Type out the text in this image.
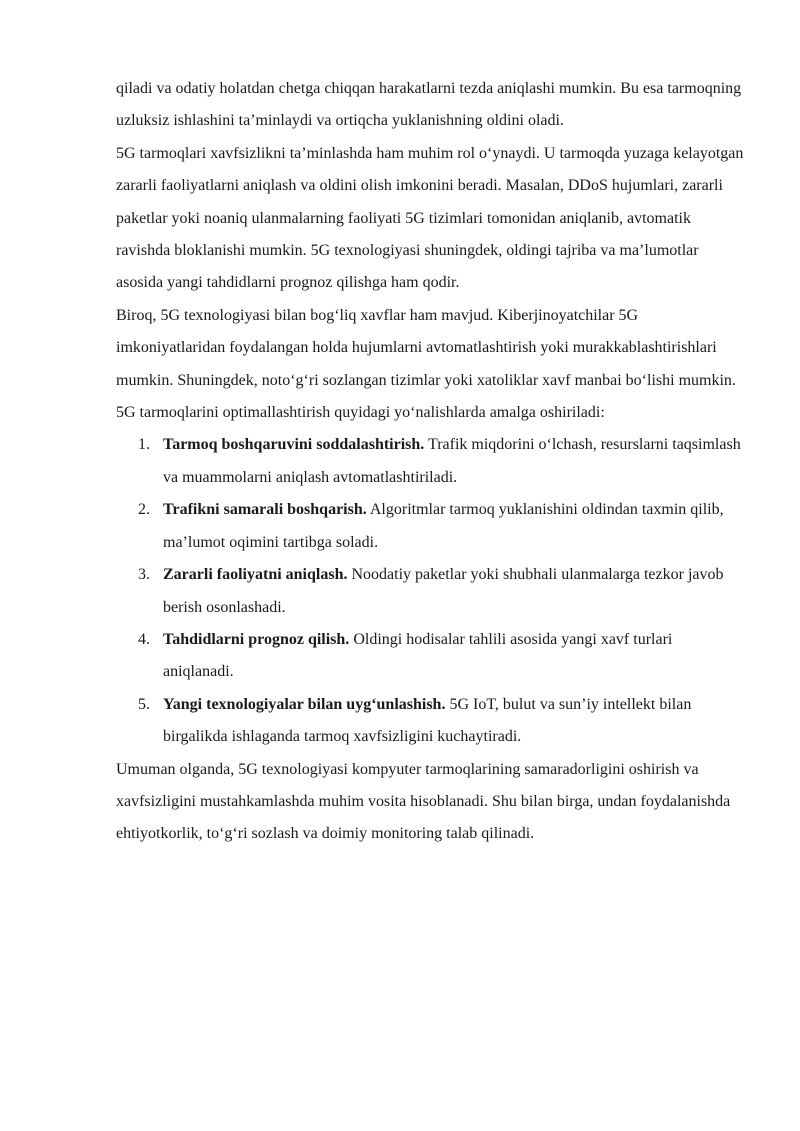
qiladi va odatiy holatdan chetga chiqqan harakatlarni tezda aniqlashi mumkin. Bu esa tarmoqning uzluksiz ishlashini ta’minlaydi va ortiqcha yuklanishning oldini oladi.

5G tarmoqlari xavfsizlikni ta’minlashda ham muhim rol o‘ynaydi. U tarmoqda yuzaga kelayotgan zararli faoliyatlarni aniqlash va oldini olish imkonini beradi. Masalan, DDoS hujumlari, zararli paketlar yoki noaniq ulanmalarning faoliyati 5G tizimlari tomonidan aniqlanib, avtomatik ravishda bloklanishi mumkin. 5G texnologiyasi shuningdek, oldingi tajriba va ma’lumotlar asosida yangi tahdidlarni prognoz qilishga ham qodir.

Biroq, 5G texnologiyasi bilan bog‘liq xavflar ham mavjud. Kiberjinoyatchilar 5G imkoniyatlaridan foydalangan holda hujumlarni avtomatlashtirish yoki murakkablashtirishlari mumkin. Shuningdek, noto‘g‘ri sozlangan tizimlar yoki xatoliklar xavf manbai bo‘lishi mumkin.

5G tarmoqlarini optimallashtirish quyidagi yo‘nalishlarda amalga oshiriladi:

1. Tarmoq boshqaruvini soddalashtirish. Trafik miqdorini o‘lchash, resurslarni taqsimlash va muammolarni aniqlash avtomatlashtiriladi.
2. Trafikni samarali boshqarish. Algoritmlar tarmoq yuklanishini oldindan taxmin qilib, ma’lumot oqimini tartibga soladi.
3. Zararli faoliyatni aniqlash. Noodatiy paketlar yoki shubhali ulanmalarga tezkor javob berish osonlashadi.
4. Tahdidlarni prognoz qilish. Oldingi hodisalar tahlili asosida yangi xavf turlari aniqlanadi.
5. Yangi texnologiyalar bilan uyg‘unlashish. 5G IoT, bulut va sun’iy intellekt bilan birgalikda ishlaganda tarmoq xavfsizligini kuchaytiradi.

Umuman olganda, 5G texnologiyasi kompyuter tarmoqlarining samaradorligini oshirish va xavfsizligini mustahkamlashda muhim vosita hisoblanadi. Shu bilan birga, undan foydalanishda ehtiyotkorlik, to‘g‘ri sozlash va doimiy monitoring talab qilinadi.
